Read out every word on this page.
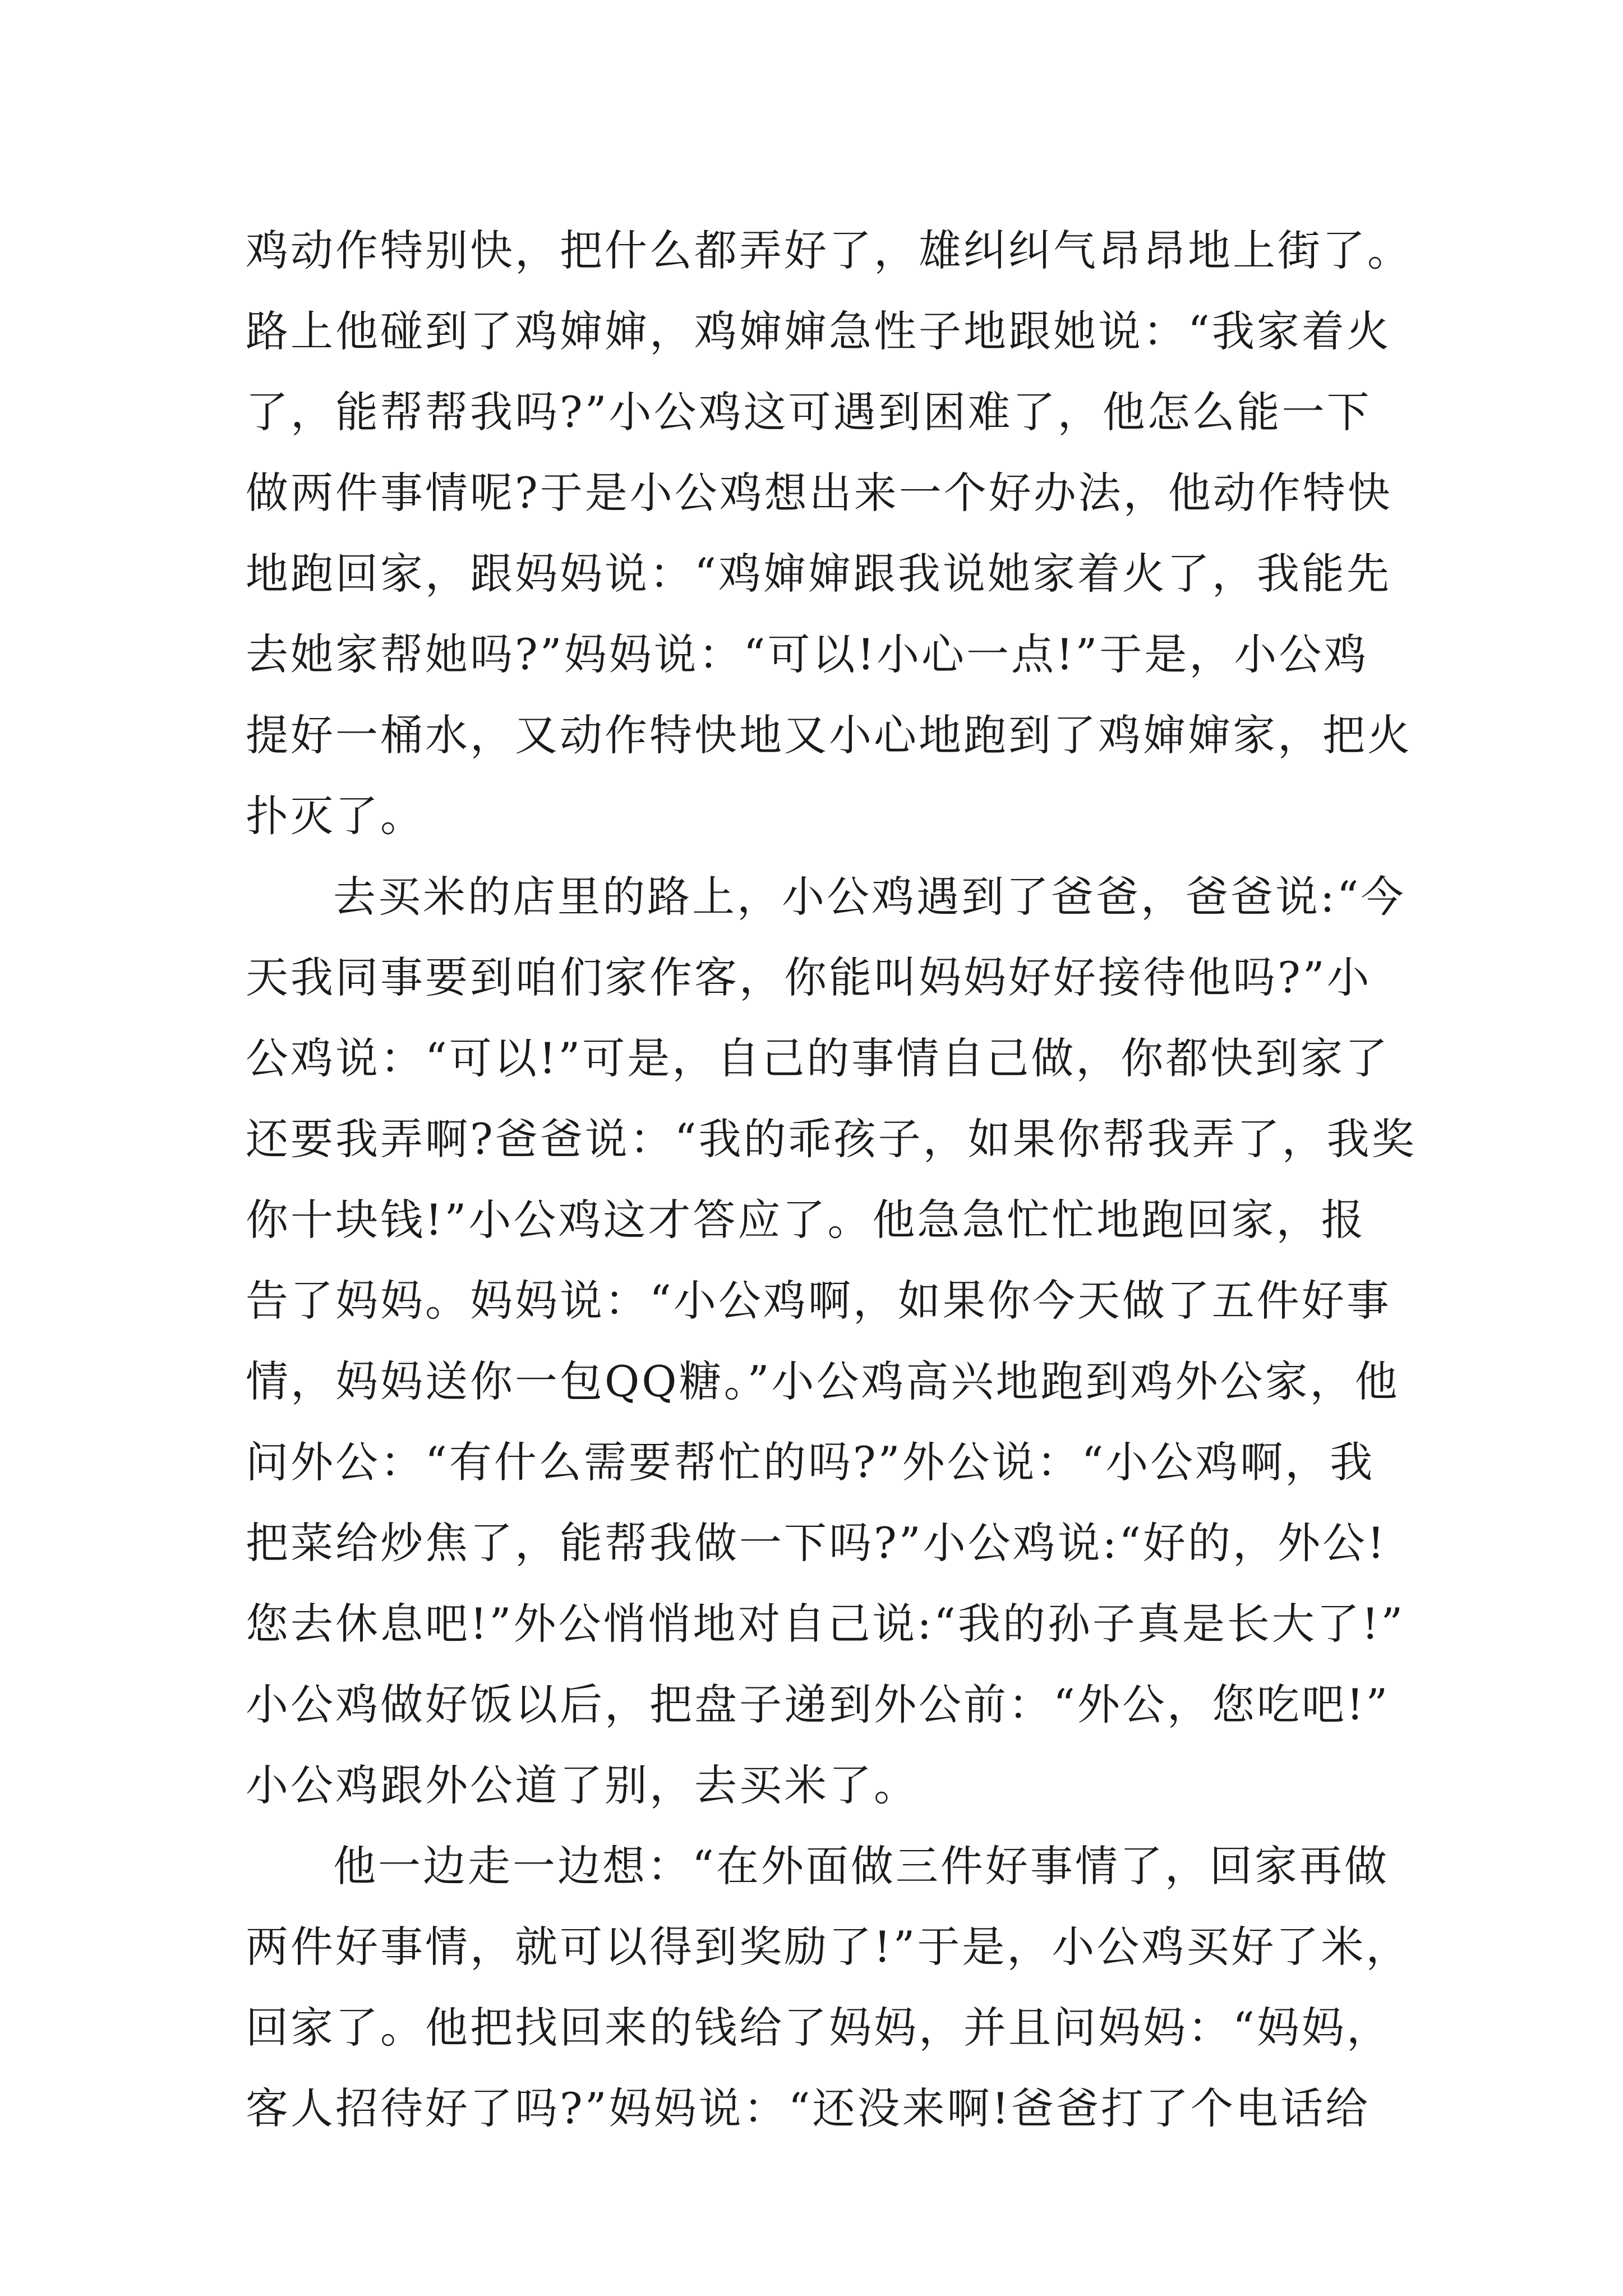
鸡动作特别快，把什么都弄好了，雄纠纠气昂昂地上街了。
路上他碰到了鸡婶婶，鸡婶婶急性子地跟她说：“我家着火
了，能帮帮我吗?”小公鸡这可遇到困难了，他怎么能一下
做两件事情呢?于是小公鸡想出来一个好办法，他动作特快
地跑回家，跟妈妈说：“鸡婶婶跟我说她家着火了，我能先
去她家帮她吗?”妈妈说：“可以!小心一点!”于是，小公鸡
提好一桶水，又动作特快地又小心地跑到了鸡婶婶家，把火
扑灭了。
去买米的店里的路上，小公鸡遇到了爸爸，爸爸说:“今
天我同事要到咱们家作客，你能叫妈妈好好接待他吗?”小
公鸡说：“可以!”可是，自己的事情自己做，你都快到家了
还要我弄啊?爸爸说：“我的乖孩子，如果你帮我弄了，我奖
你十块钱!”小公鸡这才答应了。他急急忙忙地跑回家，报
告了妈妈。妈妈说：“小公鸡啊，如果你今天做了五件好事
情，妈妈送你一包QQ糖。”小公鸡高兴地跑到鸡外公家，他
问外公：“有什么需要帮忙的吗?”外公说：“小公鸡啊，我
把菜给炒焦了，能帮我做一下吗?”小公鸡说:“好的，外公!
您去休息吧!”外公悄悄地对自己说:“我的孙子真是长大了!”
小公鸡做好饭以后，把盘子递到外公前：“外公，您吃吧!”
小公鸡跟外公道了别，去买米了。
他一边走一边想：“在外面做三件好事情了，回家再做
两件好事情，就可以得到奖励了!”于是，小公鸡买好了米，
回家了。他把找回来的钱给了妈妈，并且问妈妈：“妈妈，
客人招待好了吗?”妈妈说：“还没来啊!爸爸打了个电话给
